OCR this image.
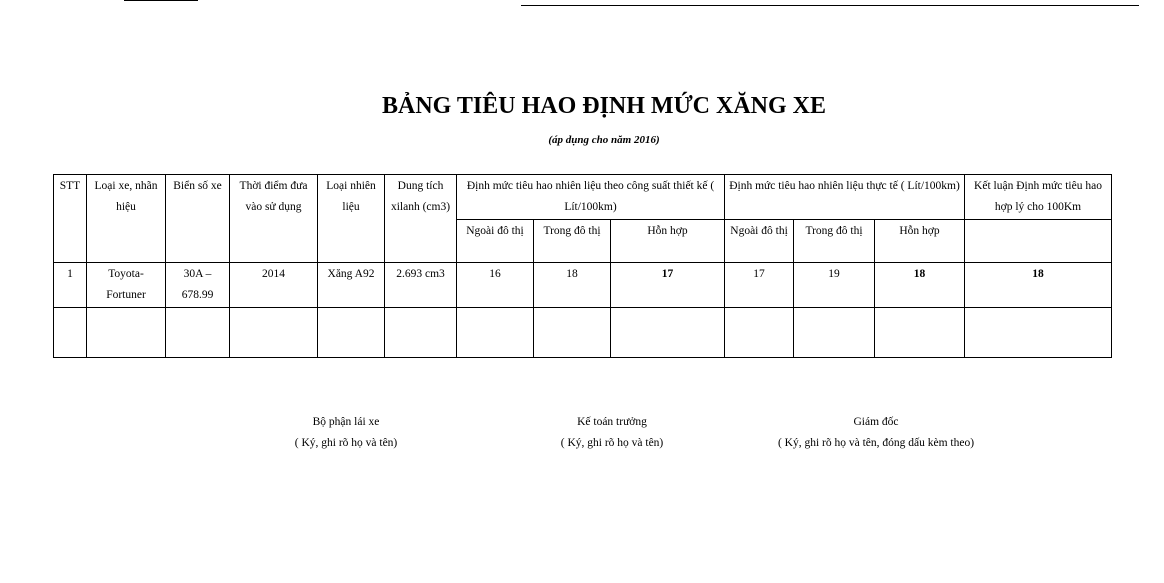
BẢNG TIÊU HAO ĐỊNH MỨC XĂNG XE
(áp dụng cho năm 2016)
STT	Loại xe, nhãn hiệu	Biển số xe	Thời điểm đưa vào sử dụng	Loại nhiên liệu	Dung tích xilanh (cm3)	Định mức tiêu hao nhiên liệu theo công suất thiết kế ( Lít/100km)			Định mức tiêu hao nhiên liệu thực tế ( Lít/100km)			Kết luận Định mức tiêu hao hợp lý cho 100Km
						Ngoài đô thị	Trong đô thị	Hỗn hợp	Ngoài đô thị	Trong đô thị	Hỗn hợp	
1	Toyota-Fortuner	30A – 678.99	2014	Xăng A92	2.693 cm3	16	18	17	17	19	18	18

Bộ phận lái xe
( Ký, ghi rõ họ và tên)
Kế toán trưởng
( Ký, ghi rõ họ và tên)
Giám đốc
( Ký, ghi rõ họ và tên, đóng dấu kèm theo)
